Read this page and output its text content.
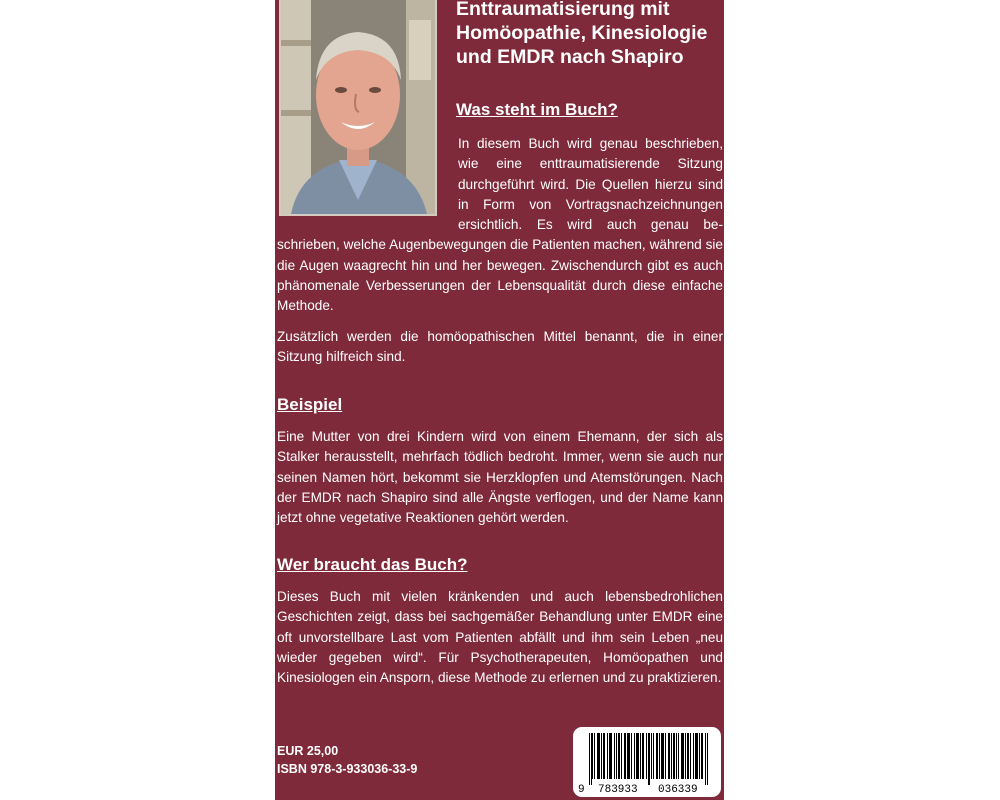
Enttraumatisierung mit
Homöopathie, Kinesiologie
und EMDR nach Shapiro
Was steht im Buch?

In diesem Buch wird genau beschrieben, wie eine enttraumatisierende Sitzung durchgeführt wird. Die Quellen hierzu sind in Form von Vortragsnachzeichnungen ersichtlich. Es wird auch genau beschrieben, welche Augenbewegungen die Patienten machen, während sie die Augen waagrecht hin und her bewegen. Zwischendurch gibt es auch phänomenale Verbesserungen der Lebensqualität durch diese einfache Methode.

Zusätzlich werden die homöopathischen Mittel benannt, die in einer Sitzung hilfreich sind.

Beispiel

Eine Mutter von drei Kindern wird von einem Ehemann, der sich als Stalker herausstellt, mehrfach tödlich bedroht. Immer, wenn sie auch nur seinen Namen hört, bekommt sie Herzklopfen und Atemstörungen. Nach der EMDR nach Shapiro sind alle Ängste verflogen, und der Name kann jetzt ohne vegetative Reaktionen gehört werden.

Wer braucht das Buch?

Dieses Buch mit vielen kränkenden und auch lebensbedrohlichen Geschichten zeigt, dass bei sachgemäßer Behandlung unter EMDR eine oft unvorstellbare Last vom Patienten abfällt und ihm sein Leben „neu wieder gegeben wird“. Für Psychotherapeuten, Homöopathen und Kinesiologen ein Ansporn, diese Methode zu erlernen und zu praktizieren.

EUR 25,00
ISBN 978-3-933036-33-9
9 783933 036339
